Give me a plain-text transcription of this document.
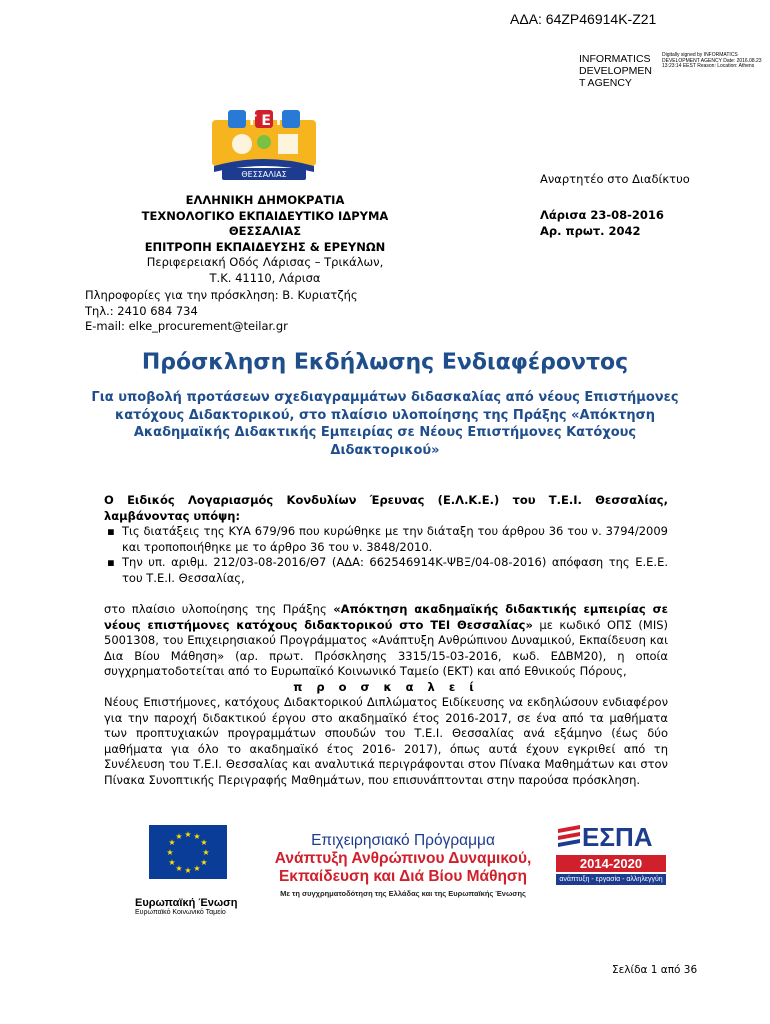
ΑΔΑ: 64ZP46914K-Z21
INFORMATICS
DEVELOPMEN
T AGENCY
Digitally signed by INFORMATICS DEVELOPMENT AGENCY Date: 2016.08.23 13:23:14 EEST Reason: Location: Athens
T E I
ΘΕΣΣΑΛΙΑΣ	Αναρτητέο στο Διαδίκτυο
ΕΛΛΗΝΙΚΗ ΔΗΜΟΚΡΑΤΙΑ
ΤΕΧΝΟΛΟΓΙΚΟ ΕΚΠΑΙΔΕΥΤΙΚΟ ΙΔΡΥΜΑ
ΘΕΣΣΑΛΙΑΣ
ΕΠΙΤΡΟΠΗ ΕΚΠΑΙΔΕΥΣΗΣ & ΕΡΕΥΝΩΝ
Περιφερειακή Οδός Λάρισας – Τρικάλων,
Τ.Κ. 41110, Λάρισα
Λάρισα 23-08-2016
Αρ. πρωτ. 2042
Πληροφορίες για την πρόσκληση: Β. Κυριατζής
Τηλ.: 2410 684 734
E-mail: elke_procurement@teilar.gr
Πρόσκληση Εκδήλωσης Ενδιαφέροντος
Για υποβολή προτάσεων σχεδιαγραμμάτων διδασκαλίας από νέους Επιστήμονες κατόχους Διδακτορικού, στο πλαίσιο υλοποίησης της Πράξης «Απόκτηση Ακαδημαϊκής Διδακτικής Εμπειρίας σε Νέους Επιστήμονες Κατόχους Διδακτορικού»

Ο Ειδικός Λογαριασμός Κονδυλίων Έρευνας (Ε.Λ.Κ.Ε.) του Τ.Ε.Ι. Θεσσαλίας, λαμβάνοντας υπόψη:

▪ Τις διατάξεις της ΚΥΑ 679/96 που κυρώθηκε με την διάταξη του άρθρου 36 του ν. 3794/2009 και τροποποιήθηκε με το άρθρο 36 του ν. 3848/2010.
▪ Την υπ. αριθμ. 212/03-08-2016/Θ7 (ΑΔΑ: 662546914Κ-ΨΒΞ/04-08-2016) απόφαση της Ε.Ε.Ε. του Τ.Ε.Ι. Θεσσαλίας,

στο πλαίσιο υλοποίησης της Πράξης «Απόκτηση ακαδημαϊκής διδακτικής εμπειρίας σε νέους επιστήμονες κατόχους διδακτορικού στο ΤΕΙ Θεσσαλίας» με κωδικό ΟΠΣ (MIS) 5001308, του Επιχειρησιακού Προγράμματος «Ανάπτυξη Ανθρώπινου Δυναμικού, Εκπαίδευση και Δια Βίου Μάθηση» (αρ. πρωτ. Πρόσκλησης 3315/15-03-2016, κωδ. ΕΔΒΜ20), η οποία συγχρηματοδοτείται από το Ευρωπαϊκό Κοινωνικό Ταμείο (ΕΚΤ) και από Εθνικούς Πόρους,

π ρ ο σ κ α λ ε ί

Νέους Επιστήμονες, κατόχους Διδακτορικού Διπλώματος Ειδίκευσης να εκδηλώσουν ενδιαφέρον για την παροχή διδακτικού έργου στο ακαδημαϊκό έτος 2016-2017, σε ένα από τα μαθήματα των προπτυχιακών προγραμμάτων σπουδών του Τ.Ε.Ι. Θεσσαλίας ανά εξάμηνο (έως δύο μαθήματα για όλο το ακαδημαϊκό έτος 2016- 2017), όπως αυτά έχουν εγκριθεί από τη Συνέλευση του Τ.Ε.Ι. Θεσσαλίας και αναλυτικά περιγράφονται στον Πίνακα Μαθημάτων και στον Πίνακα Συνοπτικής Περιγραφής Μαθημάτων, που επισυνάπτονται στην παρούσα πρόσκληση.

★ ★
★
★
★
★
★
★
★
★
★
★
Ευρωπαϊκή Ένωση
Ευρωπαϊκό Κοινωνικό Ταμείο
Επιχειρησιακό Πρόγραμμα
Ανάπτυξη Ανθρώπινου Δυναμικού,
Εκπαίδευση και Διά Βίου Μάθηση
Με τη συγχρηματοδότηση της Ελλάδας και της Ευρωπαϊκής Ένωσης
ΕΣΠΑ
2014-2020
ανάπτυξη - εργασία - αλληλεγγύη
Σελίδα 1 από 36
